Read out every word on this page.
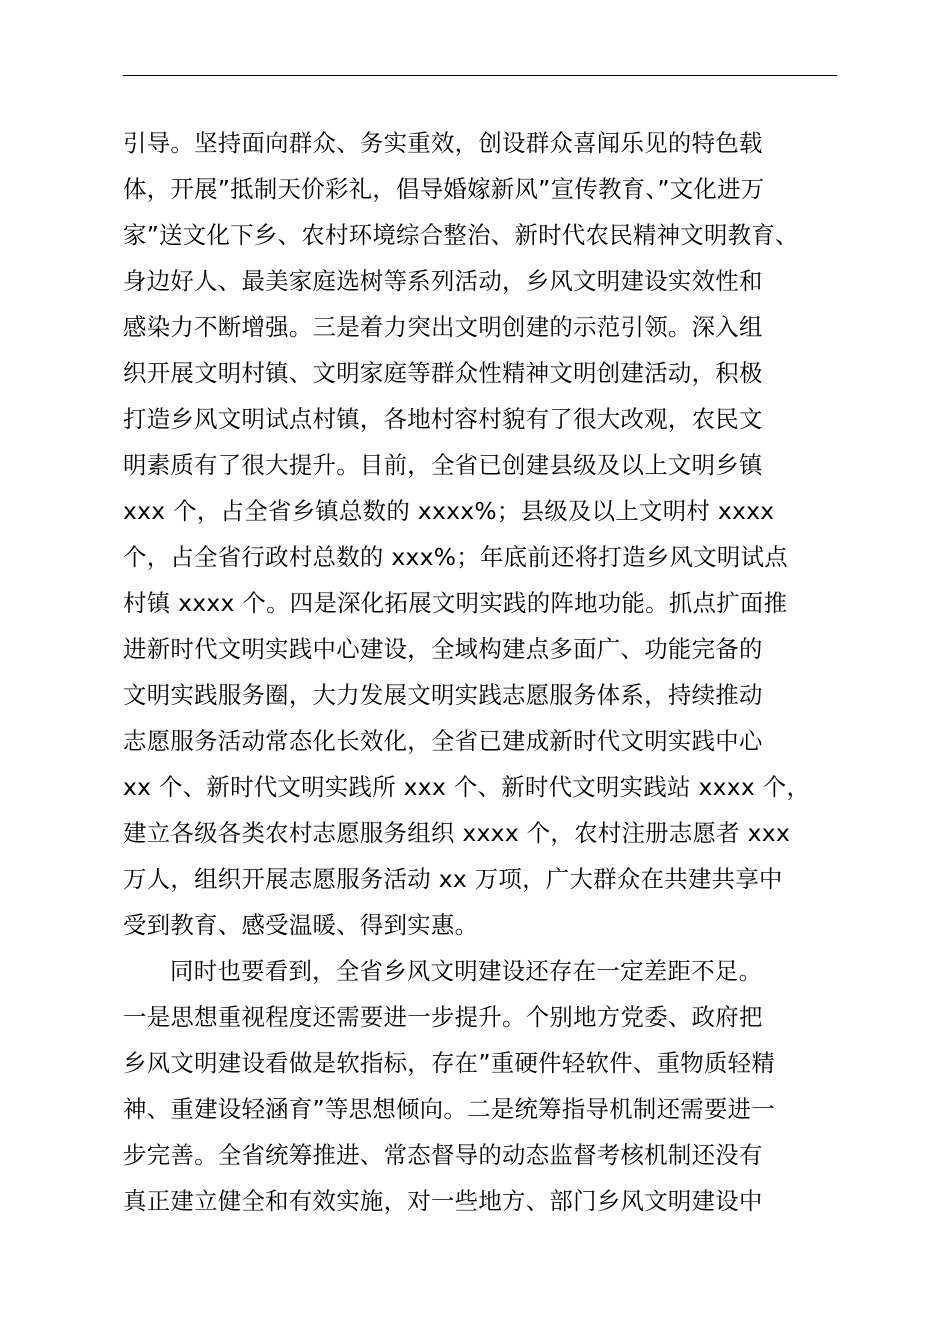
引导。坚持面向群众、务实重效，创设群众喜闻乐见的特色载
体，开展”抵制天价彩礼，倡导婚嫁新风”宣传教育、”文化进万
家”送文化下乡、农村环境综合整治、新时代农民精神文明教育、
身边好人、最美家庭选树等系列活动，乡风文明建设实效性和
感染力不断增强。三是着力突出文明创建的示范引领。深入组
织开展文明村镇、文明家庭等群众性精神文明创建活动，积极
打造乡风文明试点村镇，各地村容村貌有了很大改观，农民文
明素质有了很大提升。目前，全省已创建县级及以上文明乡镇
xxx 个，占全省乡镇总数的 xxxx%；县级及以上文明村 xxxx
个，占全省行政村总数的 xxx%；年底前还将打造乡风文明试点
村镇 xxxx 个。四是深化拓展文明实践的阵地功能。抓点扩面推
进新时代文明实践中心建设，全域构建点多面广、功能完备的
文明实践服务圈，大力发展文明实践志愿服务体系，持续推动
志愿服务活动常态化长效化，全省已建成新时代文明实践中心
xx 个、新时代文明实践所 xxx 个、新时代文明实践站 xxxx 个，
建立各级各类农村志愿服务组织 xxxx 个，农村注册志愿者 xxx
万人，组织开展志愿服务活动 xx 万项，广大群众在共建共享中
受到教育、感受温暖、得到实惠。
同时也要看到，全省乡风文明建设还存在一定差距不足。
一是思想重视程度还需要进一步提升。个别地方党委、政府把
乡风文明建设看做是软指标，存在”重硬件轻软件、重物质轻精
神、重建设轻涵育”等思想倾向。二是统筹指导机制还需要进一
步完善。全省统筹推进、常态督导的动态监督考核机制还没有
真正建立健全和有效实施，对一些地方、部门乡风文明建设中
